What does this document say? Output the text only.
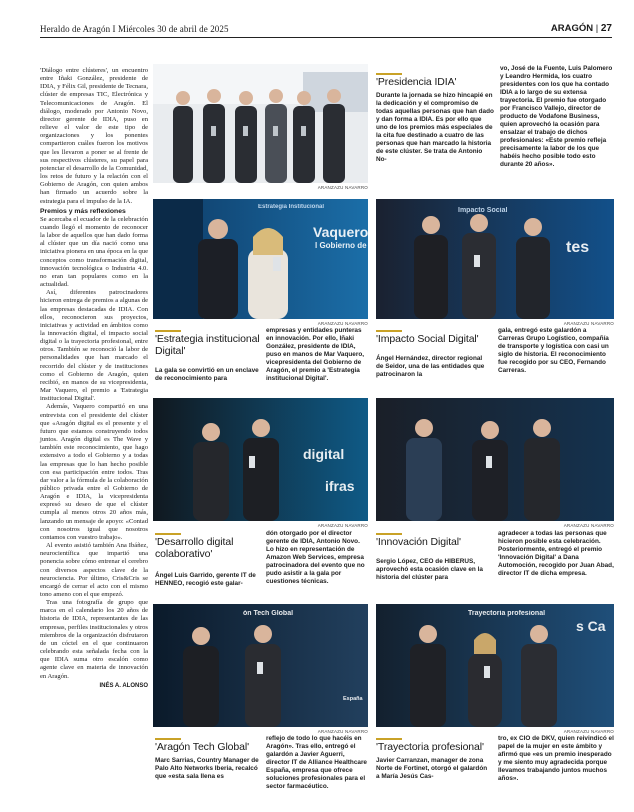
Heraldo de Aragón I Miércoles 30 de abril de 2025	ARAGÓN | 27

'Diálogo entre clústeres', un encuentro entre Iñaki González, presidente de IDIA, y Félix Gil, presidente de Tecnara, clúster de empresas TIC, Electrónica y Telecomunicaciones de Aragón. El diálogo, moderado por Antonio Novo, director gerente de IDIA, puso en relieve el valor de este tipo de organizaciones y los ponentes compartieron cuáles fueron los motivos que les llevaron a poner se al frente de sus respectivos clústeres, su papel para potenciar el desarrollo de la Comunidad, los retos de futuro y la relación con el Gobierno de Aragón, con quien ambos han firmado un acuerdo sobre la estrategia para el impulso de la IA.

Premios y más reflexiones

Se acercaba el ecuador de la celebración cuando llegó el momento de reconocer la labor de aquellos que han dado forma al clúster que un día nació como una iniciativa pionera en una época en la que conceptos como transformación digital, innovación tecnológica o Industria 4.0. no eran tan populares como en la actualidad.

Así, diferentes patrocinadores hicieron entrega de premios a algunas de las empresas destacadas de IDIA. Con ellos, reconocieron sus proyectos, iniciativas y actividad en ámbitos como la innovación digital, el impacto social digital o la trayectoria profesional, entre otros. También se reconoció la labor de personalidades que han marcado el recorrido del clúster y de instituciones como el Gobierno de Aragón, quien recibió, en manos de su vicepresidenta, Mar Vaquero, el premio a 'Estrategia institucional Digital'.

Además, Vaquero compartió en una entrevista con el presidente del clúster que «Aragón digital es el presente y el futuro que estamos construyendo todos juntos. Aragón digital es The Wave y también este reconocimiento, que hago extensivo a todo el Gobierno y a todas las empresas que lo han hecho posible con esa participación entre todos. Tras dar valor a la fórmula de la colaboración público privada entre el Gobierno de Aragón e IDIA, la vicepresidenta expresó su deseo de que el clúster cumpla al menos otros 20 años más, lanzando un mensaje de apoyo: «Contad con nosotros igual que nosotros contamos con vuestro trabajo».

Al evento asistió también Ana Ibáñez, neurocientífica que impartió una ponencia sobre cómo entrenar el cerebro con diversos aspectos clave de la neurociencia. Por último, Cris&Cris se encargó de cerrar el acto con el mismo tono ameno con el que empezó.

Tras una fotografía de grupo que marca en el calendario los 20 años de historia de IDIA, representantes de las empresas, perfiles institucionales y otros miembros de la organización disfrutaron de un cóctel en el que continuaron celebrando esta señalada fecha con la que IDIA suma otro escalón como agente clave en materia de innovación en Aragón.

INÉS A. ALONSO
ARANZAZU NAVARRO
'Presidencia IDIA'
Durante la jornada se hizo hincapié en la dedicación y el compromiso de todas aquellas personas que han dado y dan forma a IDIA. Es por ello que uno de los premios más especiales de la cita fue destinado a cuatro de las personas que han marcado la historia de este clúster. Se trata de Antonio No-
vo, José de la Fuente, Luis Palomero y Leandro Hermida, los cuatro presidentes con los que ha contado IDIA a lo largo de su extensa trayectoria. El premio fue otorgado por Francisco Vallejo, director de producto de Vodafone Business, quien aprovechó la ocasión para ensalzar el trabajo de dichos profesionales: «Este premio refleja precisamente la labor de los que habéis hecho posible todo esto durante 20 años».
Vaquero
l Gobierno de
Estrategia Institucional
ARANZAZU NAVARRO
'Estrategia institucional Digital'
La gala se convirtió en un enclave de reconocimiento para
empresas y entidades punteras en innovación. Por ello, Iñaki González, presidente de IDIA, puso en manos de Mar Vaquero, vicepresidenta del Gobierno de Aragón, el premio a 'Estrategia institucional Digital'.
Impacto Social
tes
ARANZAZU NAVARRO
'Impacto Social Digital'
Ángel Hernández, director regional de Seidor, una de las entidades que patrocinaron la
gala, entregó este galardón a Carreras Grupo Logístico, compañía de transporte y logística con casi un siglo de historia. El reconocimiento fue recogido por su CEO, Fernando Carreras.
digital
ifras
ARANZAZU NAVARRO
'Desarrollo digital colaborativo'
Ángel Luis Garrido, gerente IT de HENNEO, recogió este galar-
dón otorgado por el director gerente de IDIA, Antonio Novo. Lo hizo en representación de Amazon Web Services, empresa patrocinadora del evento que no pudo asistir a la gala por cuestiones técnicas.
ARANZAZU NAVARRO
'Innovación Digital'
Sergio López, CEO de HIBERUS, aprovechó esta ocasión clave en la historia del clúster para
agradecer a todas las personas que hicieron posible esta celebración. Posteriormente, entregó el premio 'Innovación Digital' a Dana Automoción, recogido por Juan Abad, director IT de dicha empresa.
ón Tech Global
España
ARANZAZU NAVARRO
'Aragón Tech Global'
Marc Sarrias, Country Manager de Palo Alto Networks Iberia, recalcó que «esta sala llena es
reflejo de todo lo que hacéis en Aragón». Tras ello, entregó el galardón a Javier Aguerri, director IT de Alliance Healthcare España, empresa que ofrece soluciones profesionales para el sector farmacéutico.
Trayectoria profesional
s Ca
ARANZAZU NAVARRO
'Trayectoria profesional'
Javier Carranzan, manager de zona Norte de Fortinet, otorgó el galardón a María Jesús Cas-
tro, ex CIO de DKV, quien reivindicó el papel de la mujer en este ámbito y afirmó que «es un premio inesperado y me siento muy agradecida porque llevamos trabajando juntos muchos años».
